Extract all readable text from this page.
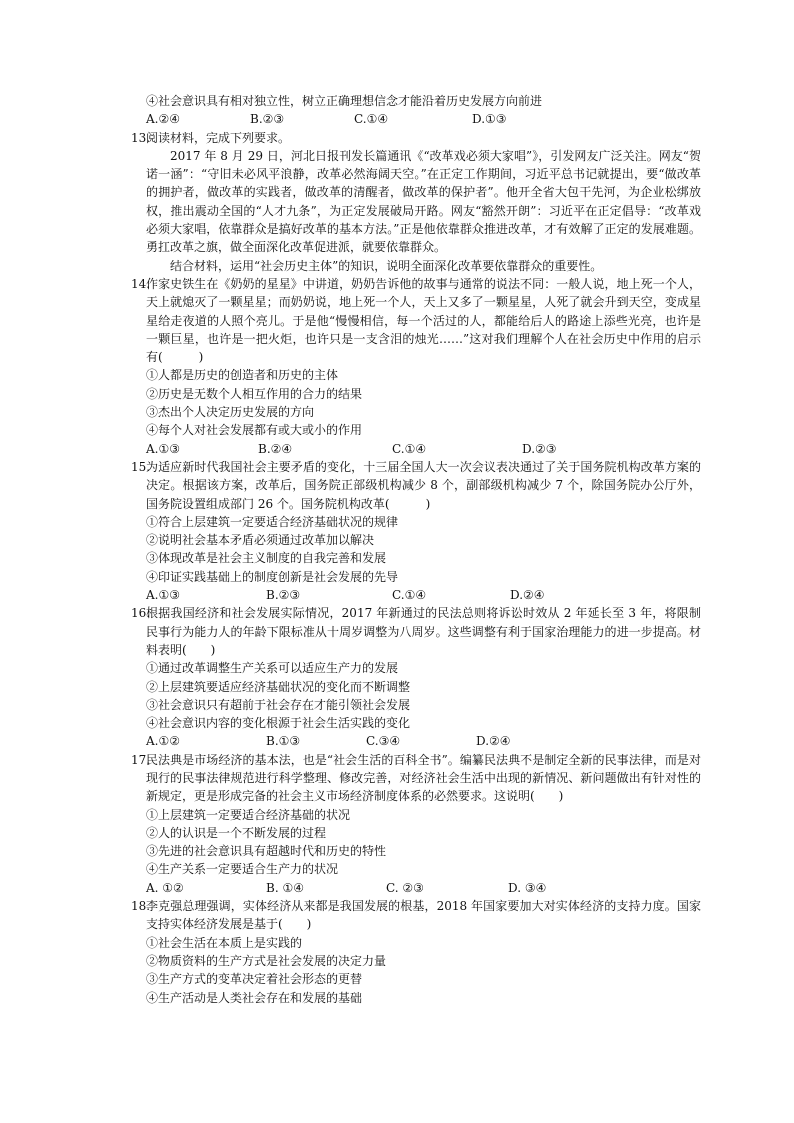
④社会意识具有相对独立性，树立正确理想信念才能沿着历史发展方向前进
A.②④	B.②③	C.①④	D.①③
13.
阅读材料，完成下列要求。
2017 年 8 月 29 日，河北日报刊发长篇通讯《“改革戏必须大家唱”》，引发网友广泛关注。网友“贺诺一涵”：“守旧未必风平浪静，改革必然海阔天空。”在正定工作期间，习近平总书记就提出，要“做改革的拥护者，做改革的实践者，做改革的清醒者，做改革的保护者”。他开全省大包干先河，为企业松绑放权，推出震动全国的“人才九条”，为正定发展破局开路。网友“豁然开朗”：习近平在正定倡导：“改革戏必须大家唱，依靠群众是搞好改革的基本方法。”正是他依靠群众推进改革，才有效解了正定的发展难题。勇扛改革之旗，做全面深化改革促进派，就要依靠群众。
结合材料，运用“社会历史主体”的知识，说明全面深化改革要依靠群众的重要性。
14.
作家史铁生在《奶奶的星星》中讲道，奶奶告诉他的故事与通常的说法不同：一般人说，地上死一个人，天上就熄灭了一颗星星；而奶奶说，地上死一个人，天上又多了一颗星星，人死了就会升到天空，变成星星给走夜道的人照个亮儿。于是他“慢慢相信，每一个活过的人，都能给后人的路途上添些光亮，也许是一颗巨星，也许是一把火炬，也许只是一支含泪的烛光……”这对我们理解个人在社会历史中作用的启示有(　　　)
①人都是历史的创造者和历史的主体
②历史是无数个人相互作用的合力的结果
③杰出个人决定历史发展的方向
④每个人对社会发展都有或大或小的作用
A.①③	B.②④	C.①④	D.②③
15.
为适应新时代我国社会主要矛盾的变化，十三届全国人大一次会议表决通过了关于国务院机构改革方案的决定。根据该方案，改革后，国务院正部级机构减少 8 个，副部级机构减少 7 个，除国务院办公厅外，国务院设置组成部门 26 个。国务院机构改革(　　　)
①符合上层建筑一定要适合经济基础状况的规律
②说明社会基本矛盾必须通过改革加以解决
③体现改革是社会主义制度的自我完善和发展
④印证实践基础上的制度创新是社会发展的先导
A.①③	B.②③	C.①④	D.②④
16.
根据我国经济和社会发展实际情况，2017 年新通过的民法总则将诉讼时效从 2 年延长至 3 年，将限制民事行为能力人的年龄下限标准从十周岁调整为八周岁。这些调整有利于国家治理能力的进一步提高。材料表明(　　)
①通过改革调整生产关系可以适应生产力的发展
②上层建筑要适应经济基础状况的变化而不断调整
③社会意识只有超前于社会存在才能引领社会发展
④社会意识内容的变化根源于社会生活实践的变化
A.①②	B.①③	C.③④	D.②④
17.
民法典是市场经济的基本法，也是“社会生活的百科全书”。编纂民法典不是制定全新的民事法律，而是对现行的民事法律规范进行科学整理、修改完善，对经济社会生活中出现的新情况、新问题做出有针对性的新规定，更是形成完备的社会主义市场经济制度体系的必然要求。这说明(　　)
①上层建筑一定要适合经济基础的状况
②人的认识是一个不断发展的过程
③先进的社会意识具有超越时代和历史的特性
④生产关系一定要适合生产力的状况
A. ①②	B. ①④	C. ②③	D. ③④
18.
李克强总理强调，实体经济从来都是我国发展的根基，2018 年国家要加大对实体经济的支持力度。国家支持实体经济发展是基于(　　)
①社会生活在本质上是实践的
②物质资料的生产方式是社会发展的决定力量
③生产方式的变革决定着社会形态的更替
④生产活动是人类社会存在和发展的基础
